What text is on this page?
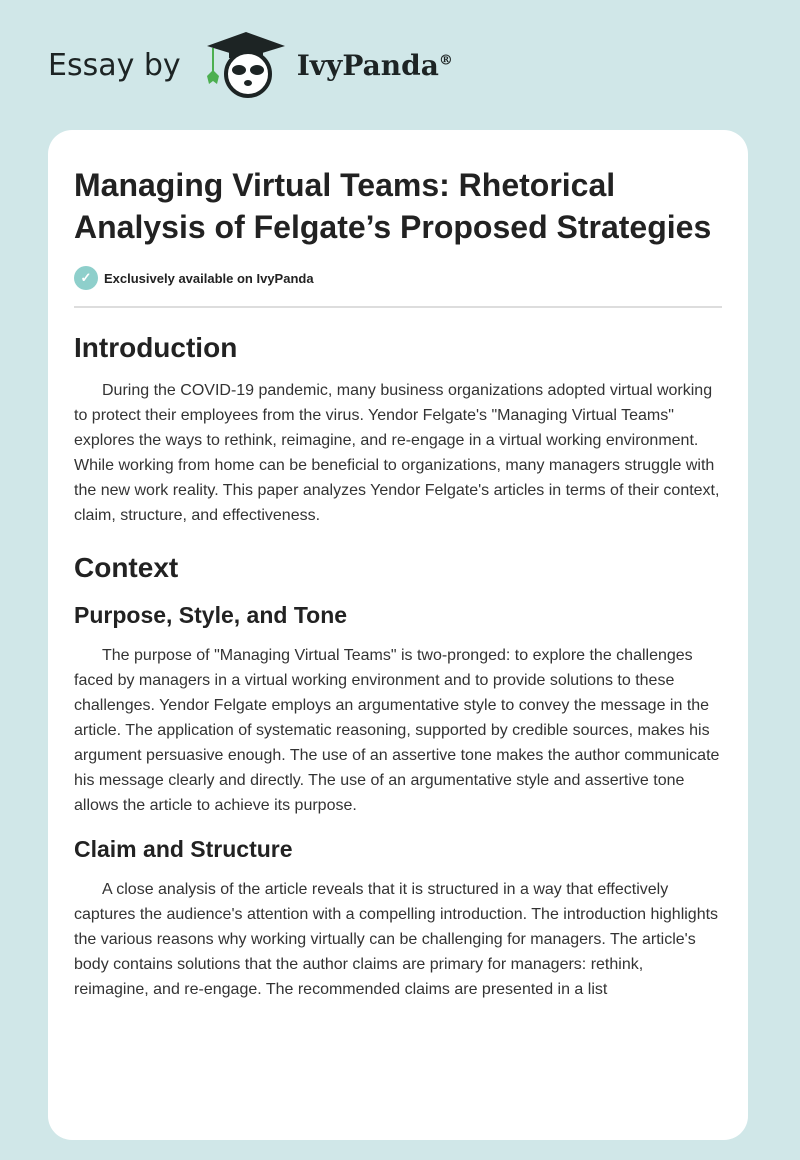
Essay by	IvyPanda®
Managing Virtual Teams: Rhetorical Analysis of Felgate’s Proposed Strategies
✓ Exclusively available on IvyPanda
Introduction

During the COVID-19 pandemic, many business organizations adopted virtual working to protect their employees from the virus. Yendor Felgate's "Managing Virtual Teams" explores the ways to rethink, reimagine, and re-engage in a virtual working environment. While working from home can be beneficial to organizations, many managers struggle with the new work reality. This paper analyzes Yendor Felgate's articles in terms of their context, claim, structure, and effectiveness.

Context
Purpose, Style, and Tone

The purpose of "Managing Virtual Teams" is two-pronged: to explore the challenges faced by managers in a virtual working environment and to provide solutions to these challenges. Yendor Felgate employs an argumentative style to convey the message in the article. The application of systematic reasoning, supported by credible sources, makes his argument persuasive enough. The use of an assertive tone makes the author communicate his message clearly and directly. The use of an argumentative style and assertive tone allows the article to achieve its purpose.

Claim and Structure

A close analysis of the article reveals that it is structured in a way that effectively captures the audience's attention with a compelling introduction. The introduction highlights the various reasons why working virtually can be challenging for managers. The article's body contains solutions that the author claims are primary for managers: rethink, reimagine, and re-engage. The recommended claims are presented in a list
